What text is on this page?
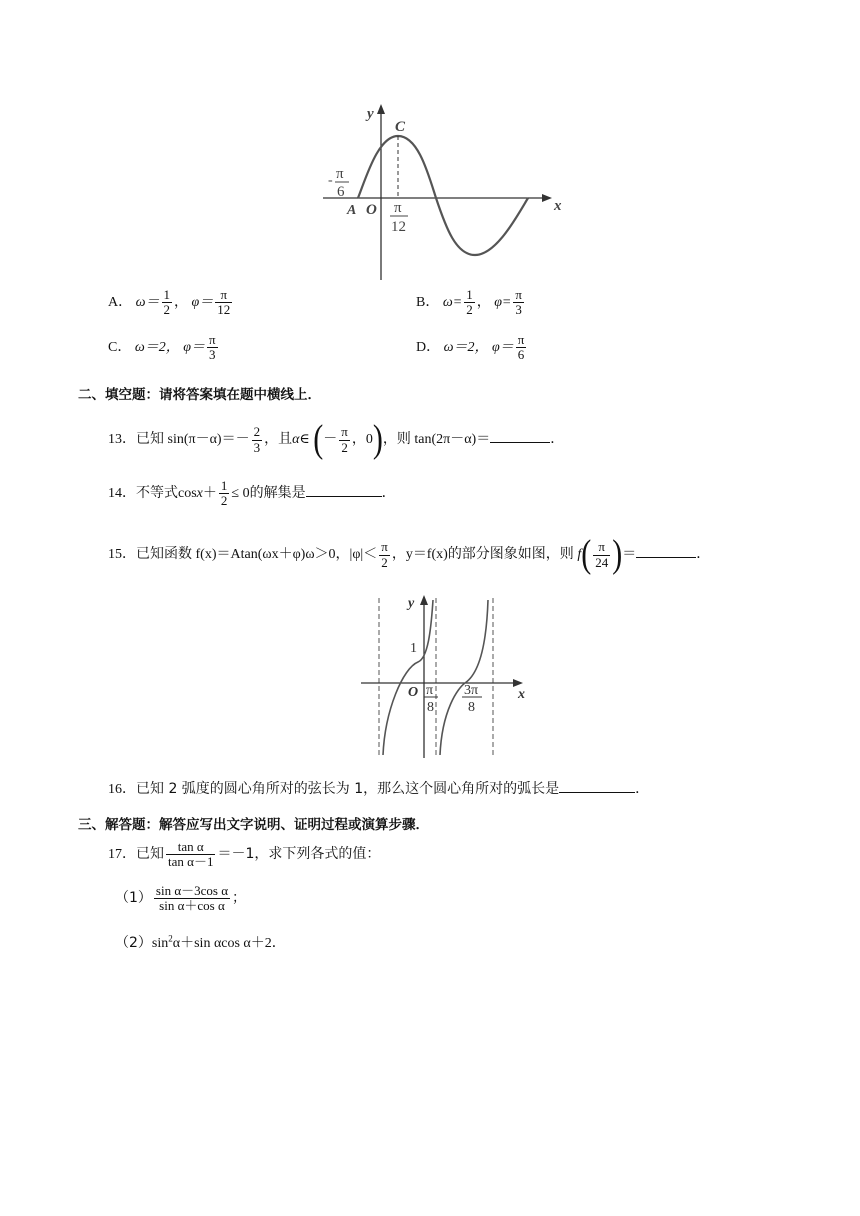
y
C
x
- π
6
A O π
12
A． $\omega= \frac{1}{2}$ ， $\varphi= \frac{\pi}{12}$	B． $\omega= \frac{1}{2}$ ， $\varphi= \frac{\pi}{3}$
C． ω＝2， $\varphi= \frac{\pi}{3}$	D． ω＝2， $\varphi= \frac{\pi}{6}$
二、填空题：请将答案填在题中横线上．
13．已知 $\sin(\pi-\alpha)=- \frac{2}{3}$ ，且α∈ (－ $\frac{\pi}{2}$ ，0)，则 tan(2π－α)＝	．
14．不等式$\cos x+ \frac{1}{2} \le 0$的解集是	．
15．已知函数 f(x)＝Atan(ωx＋φ)ω＞0，$|\varphi|< \frac{\pi}{2}$ ，y＝f(x)的部分图象如图，则 $f( \frac{\pi}{24}$ )＝	．
y
x
1
O π
8
3π
8
16．已知 2 弧度的圆心角所对的弦长为 1，那么这个圆心角所对的弧长是	．
三、解答题：解答应写出文字说明、证明过程或演算步骤．
17．已知 $\frac{\text{tan α}}{\text{tan α－1}} =-1$，求下列各式的值：
$(1) \frac{\text{sin α－3cos α}}{\text{sin α＋cos α}}$ ；
$(2)\sin^2\alpha+\sin$ αcos α＋2．
